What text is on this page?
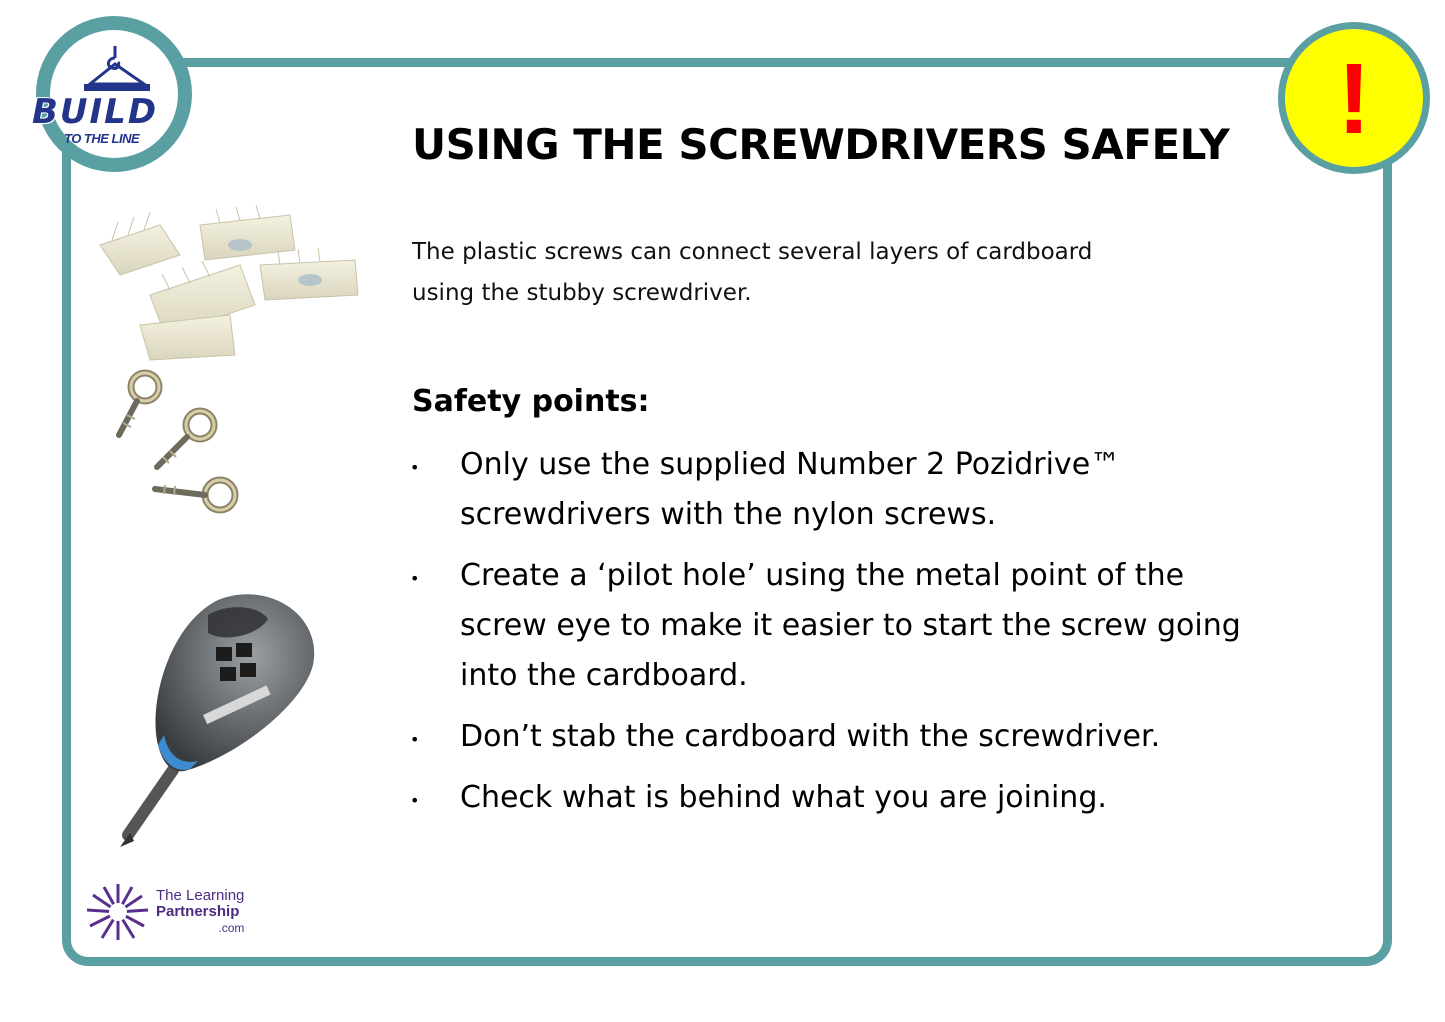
BUILD
TO THE LINE	!
USING THE SCREWDRIVERS SAFELY
The plastic screws can connect several layers of cardboard
using the stubby screwdriver.
Safety points:
• Only use the supplied Number 2 Pozidrive™
screwdrivers with the nylon screws.
• Create a ‘pilot hole’ using the metal point of the
screw eye to make it easier to start the screw going
into the cardboard.
• Don’t stab the cardboard with the screwdriver.
• Check what is behind what you are joining.
The Learning
Partnership
.com
